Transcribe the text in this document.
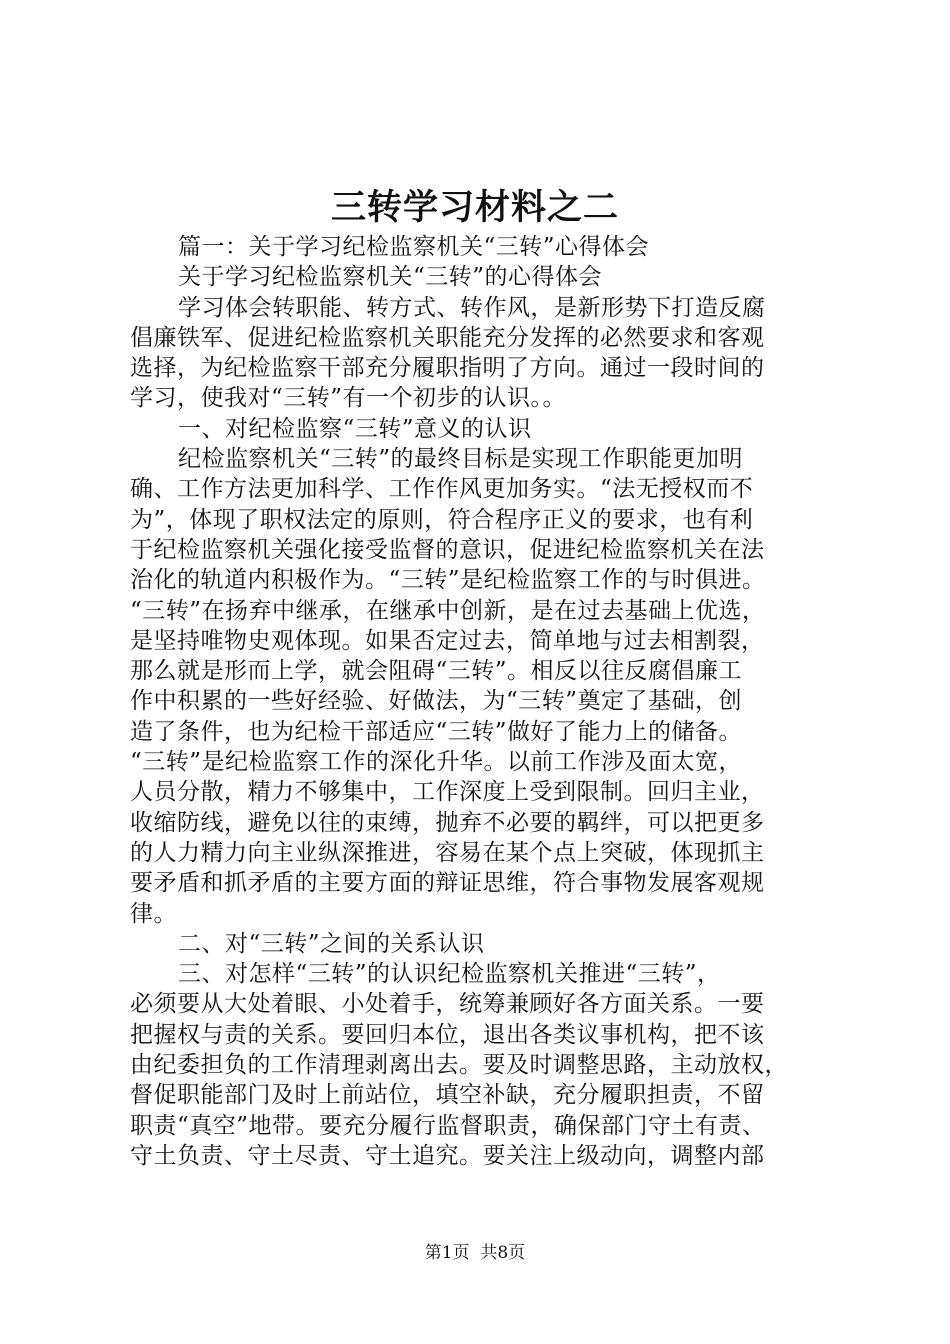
三转学习材料之二
篇一：关于学习纪检监察机关“三转”心得体会
关于学习纪检监察机关“三转”的心得体会
学习体会转职能、转方式、转作风，是新形势下打造反腐
倡廉铁军、促进纪检监察机关职能充分发挥的必然要求和客观
选择，为纪检监察干部充分履职指明了方向。通过一段时间的
学习，使我对“三转”有一个初步的认识。。
一、对纪检监察“三转”意义的认识
纪检监察机关“三转”的最终目标是实现工作职能更加明
确、工作方法更加科学、工作作风更加务实。“法无授权而不
为”，体现了职权法定的原则，符合程序正义的要求，也有利
于纪检监察机关强化接受监督的意识，促进纪检监察机关在法
治化的轨道内积极作为。“三转”是纪检监察工作的与时俱进。
“三转”在扬弃中继承，在继承中创新，是在过去基础上优选，
是坚持唯物史观体现。如果否定过去，简单地与过去相割裂，
那么就是形而上学，就会阻碍“三转”。相反以往反腐倡廉工
作中积累的一些好经验、好做法，为“三转”奠定了基础，创
造了条件，也为纪检干部适应“三转”做好了能力上的储备。
“三转”是纪检监察工作的深化升华。以前工作涉及面太宽，
人员分散，精力不够集中，工作深度上受到限制。回归主业，
收缩防线，避免以往的束缚，抛弃不必要的羁绊，可以把更多
的人力精力向主业纵深推进，容易在某个点上突破，体现抓主
要矛盾和抓矛盾的主要方面的辩证思维，符合事物发展客观规
律。
二、对“三转”之间的关系认识
三、对怎样“三转”的认识纪检监察机关推进“三转”，
必须要从大处着眼、小处着手，统筹兼顾好各方面关系。一要
把握权与责的关系。要回归本位，退出各类议事机构，把不该
由纪委担负的工作清理剥离出去。要及时调整思路，主动放权，
督促职能部门及时上前站位，填空补缺，充分履职担责，不留
职责“真空”地带。要充分履行监督职责，确保部门守土有责、
守土负责、守土尽责、守土追究。要关注上级动向，调整内部
第1页 共8页
